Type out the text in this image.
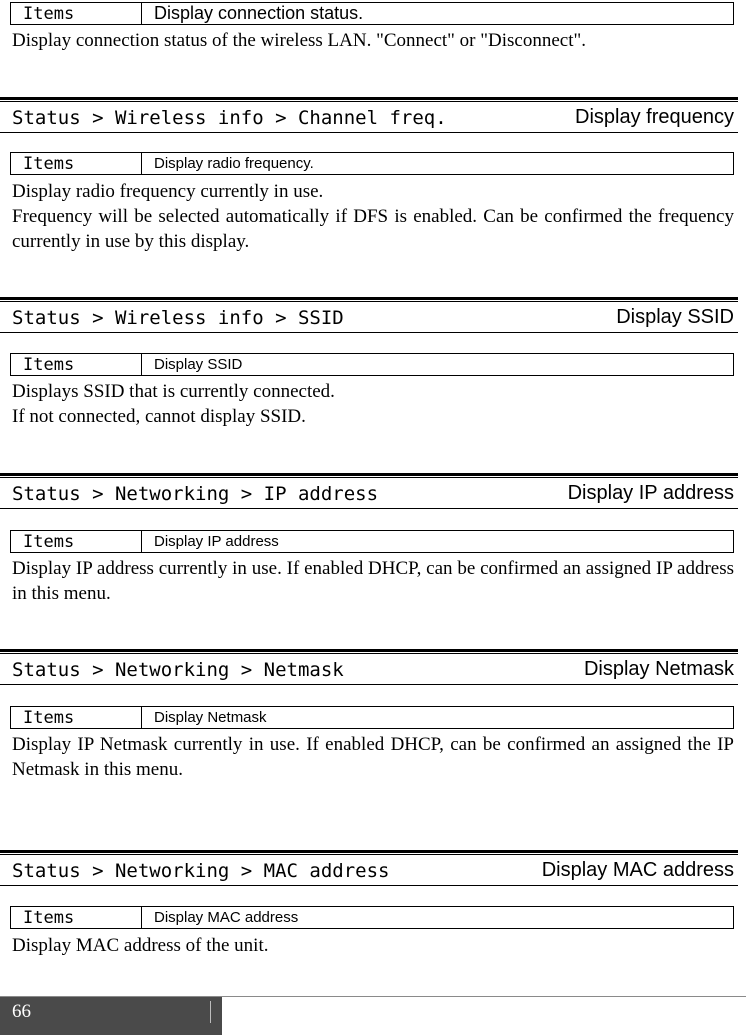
Items	Display connection status.

Display connection status of the wireless LAN. "Connect" or "Disconnect".

Status > Wireless info > Channel freq.	Display frequency
Items	Display radio frequency.

Display radio frequency currently in use.

Frequency will be selected automatically if DFS is enabled. Can be confirmed the frequency currently in use by this display.

Status > Wireless info > SSID	Display SSID
Items	Display SSID

Displays SSID that is currently connected.

If not connected, cannot display SSID.

Status > Networking > IP address	Display IP address
Items	Display IP address

Display IP address currently in use. If enabled DHCP, can be confirmed an assigned IP address in this menu.

Status > Networking > Netmask	Display Netmask
Items	Display Netmask

Display IP Netmask currently in use. If enabled DHCP, can be confirmed an assigned the IP Netmask in this menu.

Status > Networking > MAC address	Display MAC address
Items	Display MAC address

Display MAC address of the unit.

66
